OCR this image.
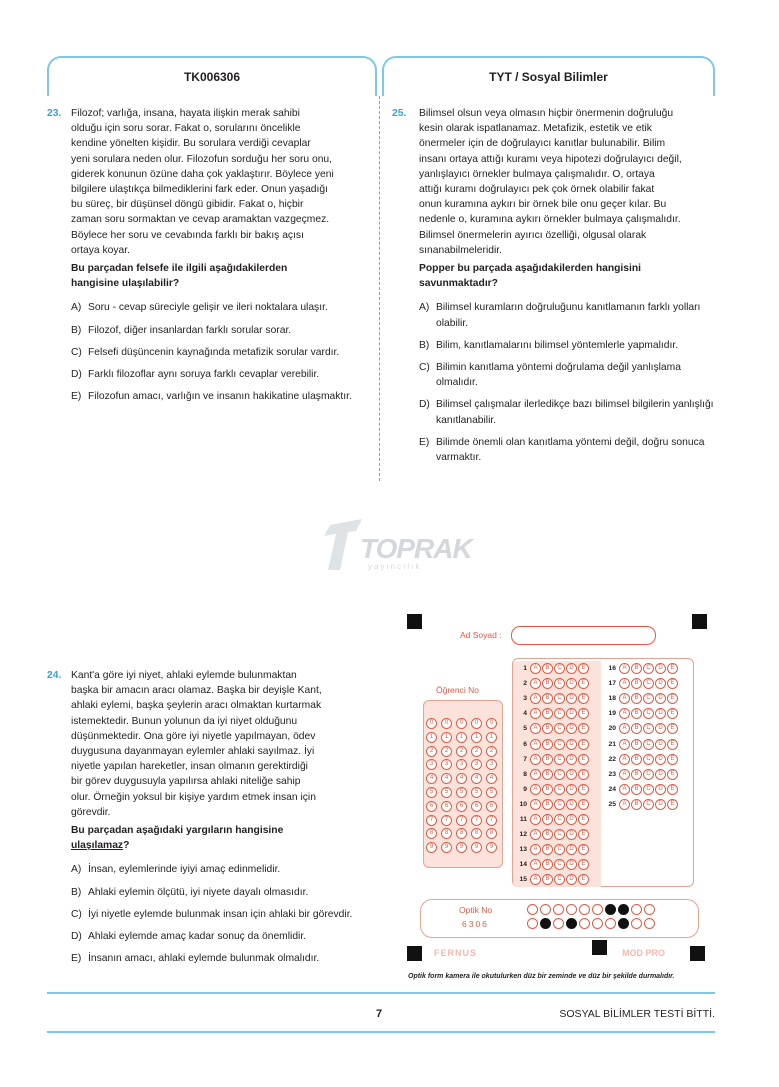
TK006306	TYT / Sosyal Bilimler
23. Filozof; varlığa, insana, hayata ilişkin merak sahibi

olduğu için soru sorar. Fakat o, sorularını öncelikle

kendine yönelten kişidir. Bu sorulara verdiği cevaplar

yeni sorulara neden olur. Filozofun sorduğu her soru onu,

giderek konunun özüne daha çok yaklaştırır. Böylece yeni

bilgilere ulaştıkça bilmediklerini fark eder. Onun yaşadığı

bu süreç, bir düşünsel döngü gibidir. Fakat o, hiçbir

zaman soru sormaktan ve cevap aramaktan vazgeçmez.

Böylece her soru ve cevabında farklı bir bakış açısı

ortaya koyar.

Bu parçadan felsefe ile ilgili aşağıdakilerden
hangisine ulaşılabilir?
A) Soru - cevap süreciyle gelişir ve ileri noktalara ulaşır.
B) Filozof, diğer insanlardan farklı sorular sorar.
C) Felsefi düşüncenin kaynağında metafizik sorular vardır.
D) Farklı filozoflar aynı soruya farklı cevaplar verebilir.
E) Filozofun amacı, varlığın ve insanın hakikatine ulaşmaktır.
25. Bilimsel olsun veya olmasın hiçbir önermenin doğruluğu

kesin olarak ispatlanamaz. Metafizik, estetik ve etik

önermeler için de doğrulayıcı kanıtlar bulunabilir. Bilim

insanı ortaya attığı kuramı veya hipotezi doğrulayıcı değil,

yanlışlayıcı örnekler bulmaya çalışmalıdır. O, ortaya

attığı kuramı doğrulayıcı pek çok örnek olabilir fakat

onun kuramına aykırı bir örnek bile onu geçer kılar. Bu

nedenle o, kuramına aykırı örnekler bulmaya çalışmalıdır.

Bilimsel önermelerin ayırıcı özelliği, olgusal olarak

sınanabilmeleridir.

Popper bu parçada aşağıdakilerden hangisini
savunmaktadır?
A) Bilimsel kuramların doğruluğunu kanıtlamanın farklı yolları olabilir.
B) Bilim, kanıtlamalarını bilimsel yöntemlerle yapmalıdır.
C) Bilimin kanıtlama yöntemi doğrulama değil yanlışlama olmalıdır.
D) Bilimsel çalışmalar ilerledikçe bazı bilimsel bilgilerin yanlışlığı kanıtlanabilir.
E) Bilimde önemli olan kanıtlama yöntemi değil, doğru sonuca varmaktır.
TOPRAK
yayıncılık
24. Kant'a göre iyi niyet, ahlaki eylemde bulunmaktan

başka bir amacın aracı olamaz. Başka bir deyişle Kant,

ahlaki eylemi, başka şeylerin aracı olmaktan kurtarmak

istemektedir. Bunun yolunun da iyi niyet olduğunu

düşünmektedir. Ona göre iyi niyetle yapılmayan, ödev

duygusuna dayanmayan eylemler ahlaki sayılmaz. İyi

niyetle yapılan hareketler, insan olmanın gerektirdiği

bir görev duygusuyla yapılırsa ahlaki niteliğe sahip

olur. Örneğin yoksul bir kişiye yardım etmek insan için

görevdir.

Bu parçadan aşağıdaki yargıların hangisine
ulaşılamaz?
A) İnsan, eylemlerinde iyiyi amaç edinmelidir.
B) Ahlaki eylemin ölçütü, iyi niyete dayalı olmasıdır.
C) İyi niyetle eylemde bulunmak insan için ahlaki bir görevdir.
D) Ahlaki eylemde amaç kadar sonuç da önemlidir.
E) İnsanın amacı, ahlaki eylemde bulunmak olmalıdır.
Ad Soyad :
Öğrenci No
0 0 0 0 0
1 1 1 1 1
2 2 2 2 2
3 3 3 3 3
4 4 4 4 4
5 5 5 5 5
6 6 6 6 6
7 7 7 7 7
8 8 8 8 8
9 9 9 9 9
1	A	B	C	D	E
2	A	B	C	D	E
3	A	B	C	D	E
4	A	B	C	D	E
5	A	B	C	D	E
6	A	B	C	D	E
7	A	B	C	D	E
8	A	B	C	D	E
9	A	B	C	D	E
10	A	B	C	D	E
11	A	B	C	D	E
12	A	B	C	D	E
13	A	B	C	D	E
14	A	B	C	D	E
15	A	B	C	D	E
16	A	B	C	D	E
17	A	B	C	D	E
18	A	B	C	D	E
19	A	B	C	D	E
20	A	B	C	D	E
21	A	B	C	D	E
22	A	B	C	D	E
23	A	B	C	D	E
24	A	B	C	D	E
25	A	B	C	D	E
Optik No
6306
FERNUS	MOD PRO
Optik form kamera ile okutulurken düz bir zeminde ve düz bir şekilde durmalıdır.
7	SOSYAL BİLİMLER TESTİ BİTTİ.
